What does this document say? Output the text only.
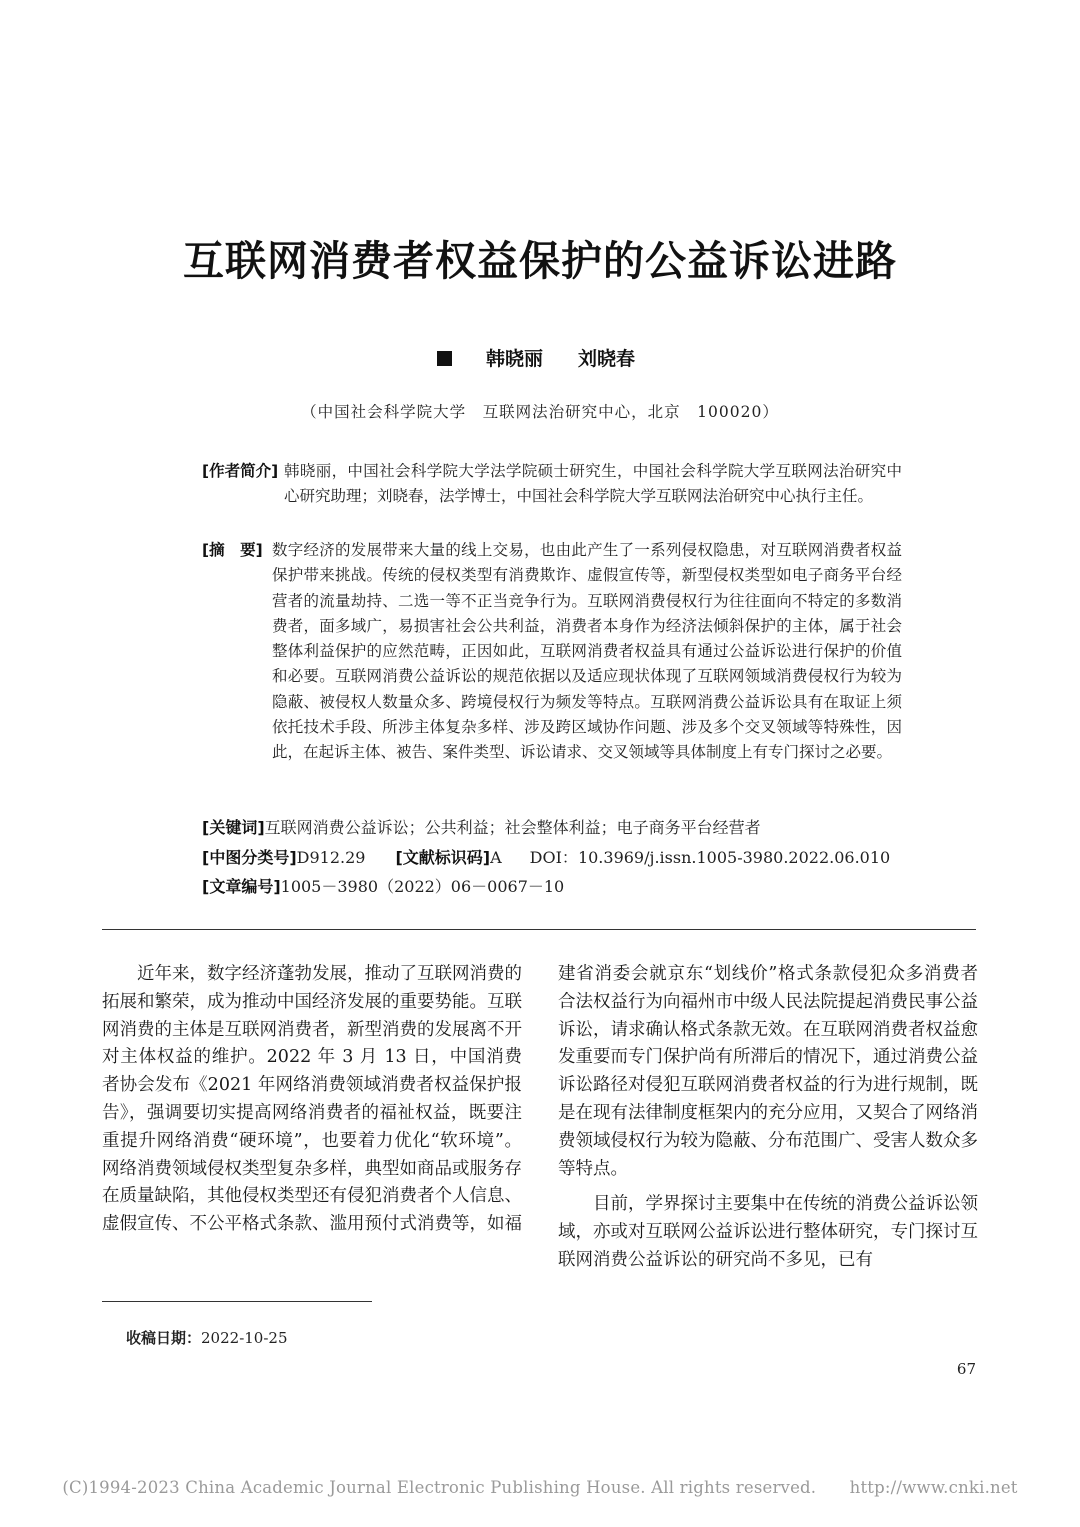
互联网消费者权益保护的公益诉讼进路
韩晓丽　 刘晓春
（中国社会科学院大学　互联网法治研究中心，北京　100020）
[作者简介] 韩晓丽，中国社会科学院大学法学院硕士研究生，中国社会科学院大学互联网法治研究中心研究助理；刘晓春，法学博士，中国社会科学院大学互联网法治研究中心执行主任。
[摘　要] 数字经济的发展带来大量的线上交易，也由此产生了一系列侵权隐患，对互联网消费者权益保护带来挑战。传统的侵权类型有消费欺诈、虚假宣传等，新型侵权类型如电子商务平台经营者的流量劫持、二选一等不正当竞争行为。互联网消费侵权行为往往面向不特定的多数消费者，面多域广，易损害社会公共利益，消费者本身作为经济法倾斜保护的主体，属于社会整体利益保护的应然范畴，正因如此，互联网消费者权益具有通过公益诉讼进行保护的价值和必要。互联网消费公益诉讼的规范依据以及适应现状体现了互联网领域消费侵权行为较为隐蔽、被侵权人数量众多、跨境侵权行为频发等特点。互联网消费公益诉讼具有在取证上须依托技术手段、所涉主体复杂多样、涉及跨区域协作问题、涉及多个交叉领域等特殊性，因此，在起诉主体、被告、案件类型、诉讼请求、交叉领域等具体制度上有专门探讨之必要。
[关键词]互联网消费公益诉讼；公共利益；社会整体利益；电子商务平台经营者
[中图分类号]D912.29 [文献标识码]A DOI：10.3969/j.issn.1005-3980.2022.06.010
[文章编号]1005－3980（2022）06－0067－10

近年来，数字经济蓬勃发展，推动了互联网消费的拓展和繁荣，成为推动中国经济发展的重要势能。互联网消费的主体是互联网消费者，新型消费的发展离不开对主体权益的维护。2022 年 3 月 13 日，中国消费者协会发布《2021 年网络消费领域消费者权益保护报告》，强调要切实提高网络消费者的福祉权益，既要注重提升网络消费“硬环境”，也要着力优化“软环境”。网络消费领域侵权类型复杂多样，典型如商品或服务存在质量缺陷，其他侵权类型还有侵犯消费者个人信息、虚假宣传、不公平格式条款、滥用预付式消费等，如福

建省消委会就京东“划线价”格式条款侵犯众多消费者合法权益行为向福州市中级人民法院提起消费民事公益诉讼，请求确认格式条款无效。在互联网消费者权益愈发重要而专门保护尚有所滞后的情况下，通过消费公益诉讼路径对侵犯互联网消费者权益的行为进行规制，既是在现有法律制度框架内的充分应用，又契合了网络消费领域侵权行为较为隐蔽、分布范围广、受害人数众多等特点。

目前，学界探讨主要集中在传统的消费公益诉讼领域，亦或对互联网公益诉讼进行整体研究，专门探讨互联网消费公益诉讼的研究尚不多见，已有

收稿日期：2022-10-25
67
(C)1994-2023 China Academic Journal Electronic Publishing House. All rights reserved.　　http://www.cnki.net
